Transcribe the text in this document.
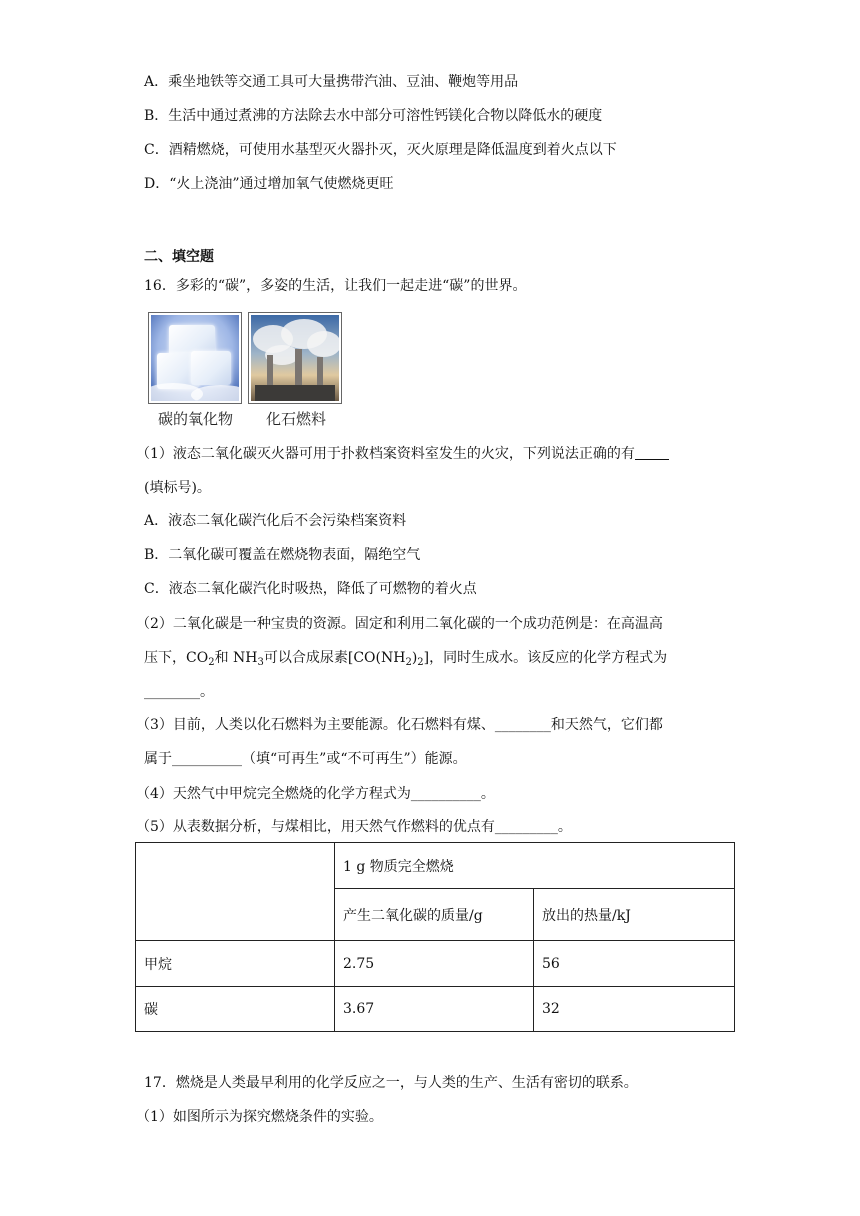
A．乘坐地铁等交通工具可大量携带汽油、豆油、鞭炮等用品
B．生活中通过煮沸的方法除去水中部分可溶性钙镁化合物以降低水的硬度
C．酒精燃烧，可使用水基型灭火器扑灭，灭火原理是降低温度到着火点以下
D．“火上浇油”通过增加氧气使燃烧更旺
二、填空题
16．多彩的“碳”，多姿的生活，让我们一起走进“碳”的世界。
碳的氧化物 化石燃料
（1）液态二氧化碳灭火器可用于扑救档案资料室发生的火灾，下列说法正确的有
(填标号)。
A．液态二氧化碳汽化后不会污染档案资料
B．二氧化碳可覆盖在燃烧物表面，隔绝空气
C．液态二氧化碳汽化时吸热，降低了可燃物的着火点
（2）二氧化碳是一种宝贵的资源。固定和利用二氧化碳的一个成功范例是：在高温高
压下，$CO_2$和 $NH_3$可以合成尿素$[CO(NH_2)_2]$，同时生成水。该反应的化学方程式为
________。
（3）目前，人类以化石燃料为主要能源。化石燃料有煤、________和天然气，它们都
属于__________（填“可再生”或“不可再生”）能源。
（4）天然气中甲烷完全燃烧的化学方程式为__________。
（5）从表数据分析，与煤相比，用天然气作燃料的优点有_________。
	1 g 物质完全燃烧	
	产生二氧化碳的质量/g	放出的热量/kJ
甲烷	2.75	56
碳	3.67	32
17．燃烧是人类最早利用的化学反应之一，与人类的生产、生活有密切的联系。
（1）如图所示为探究燃烧条件的实验。
